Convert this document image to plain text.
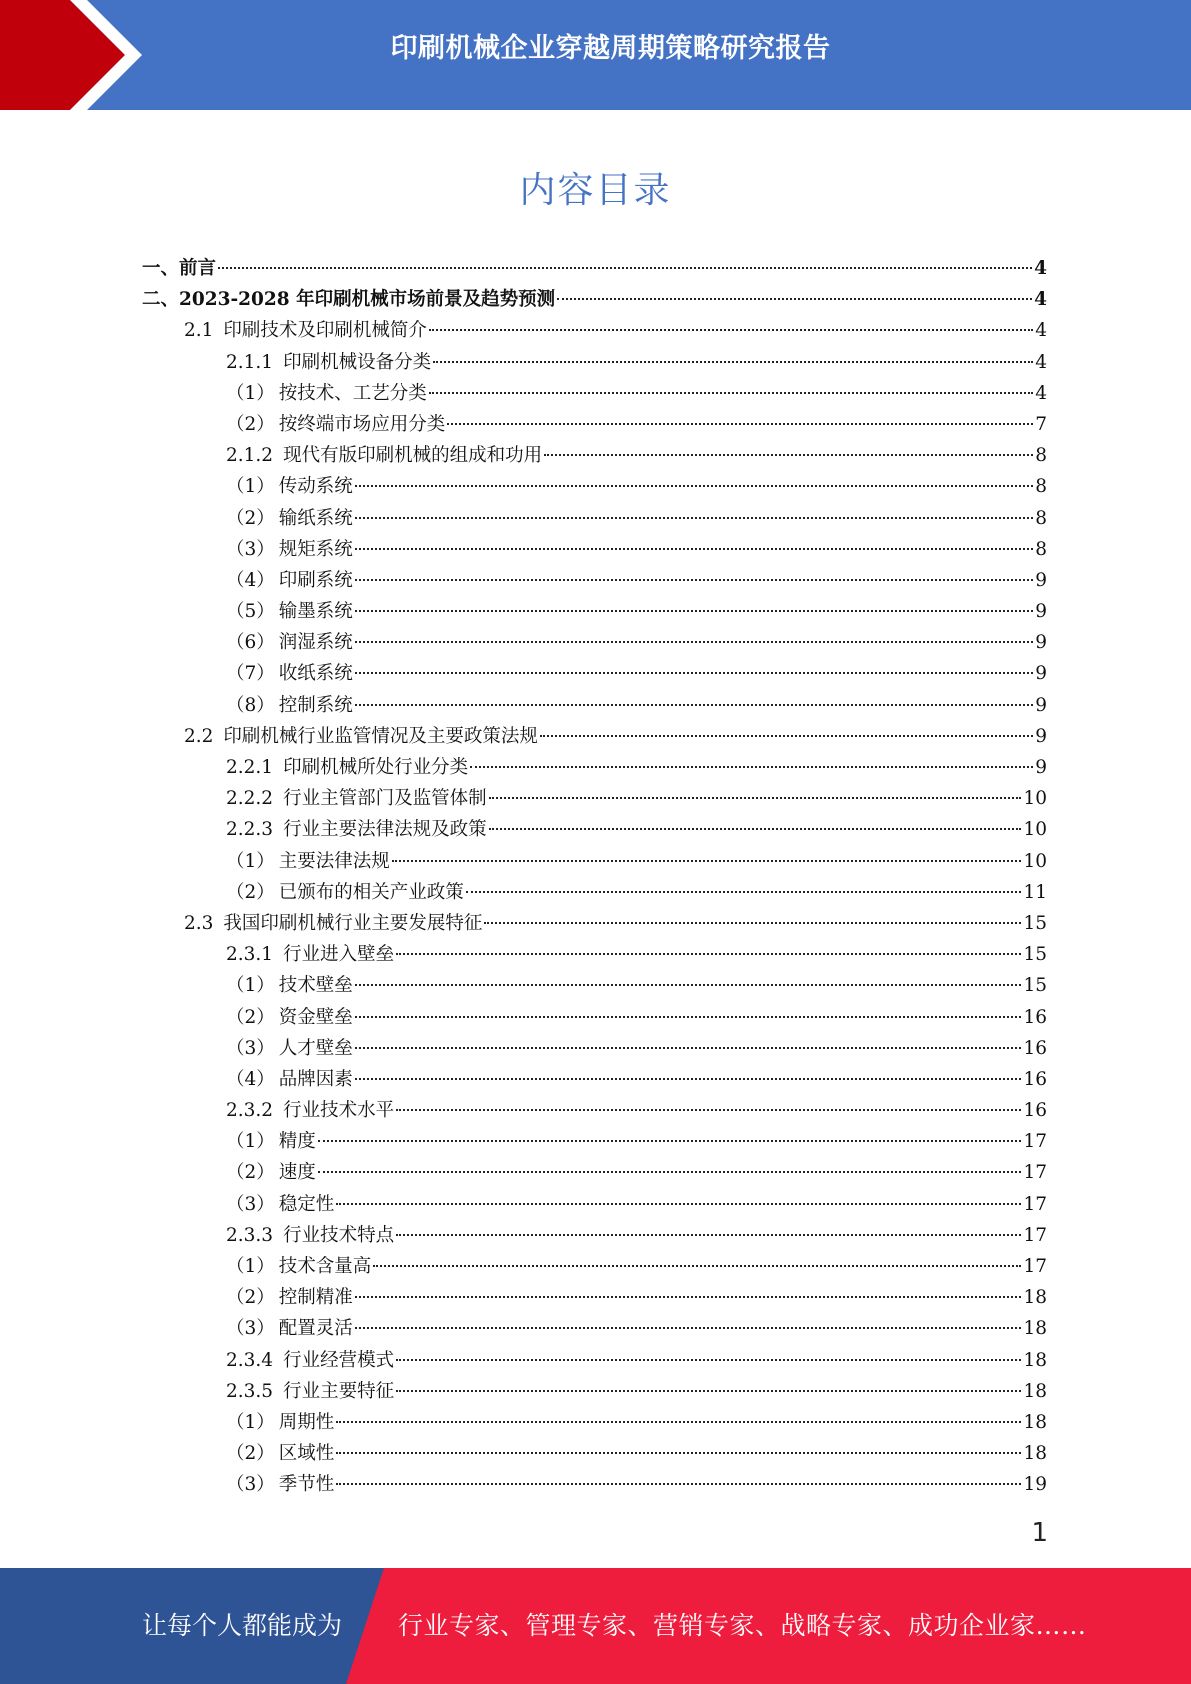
印刷机械企业穿越周期策略研究报告
内容目录
一、 前言	4
二、 2023-2028 年印刷机械市场前景及趋势预测	4
2.1 印刷技术及印刷机械简介	4
2.1.1 印刷机械设备分类	4
（1） 按技术、工艺分类	4
（2） 按终端市场应用分类	7
2.1.2 现代有版印刷机械的组成和功用	8
（1） 传动系统	8
（2） 输纸系统	8
（3） 规矩系统	8
（4） 印刷系统	9
（5） 输墨系统	9
（6） 润湿系统	9
（7） 收纸系统	9
（8） 控制系统	9
2.2 印刷机械行业监管情况及主要政策法规	9
2.2.1 印刷机械所处行业分类	9
2.2.2 行业主管部门及监管体制	10
2.2.3 行业主要法律法规及政策	10
（1） 主要法律法规	10
（2） 已颁布的相关产业政策	11
2.3 我国印刷机械行业主要发展特征	15
2.3.1 行业进入壁垒	15
（1） 技术壁垒	15
（2） 资金壁垒	16
（3） 人才壁垒	16
（4） 品牌因素	16
2.3.2 行业技术水平	16
（1） 精度	17
（2） 速度	17
（3） 稳定性	17
2.3.3 行业技术特点	17
（1） 技术含量高	17
（2） 控制精准	18
（3） 配置灵活	18
2.3.4 行业经营模式	18
2.3.5 行业主要特征	18
（1） 周期性	18
（2） 区域性	18
（3） 季节性	19
1
让每个人都能成为 行业专家、管理专家、营销专家、战略专家、成功企业家……
